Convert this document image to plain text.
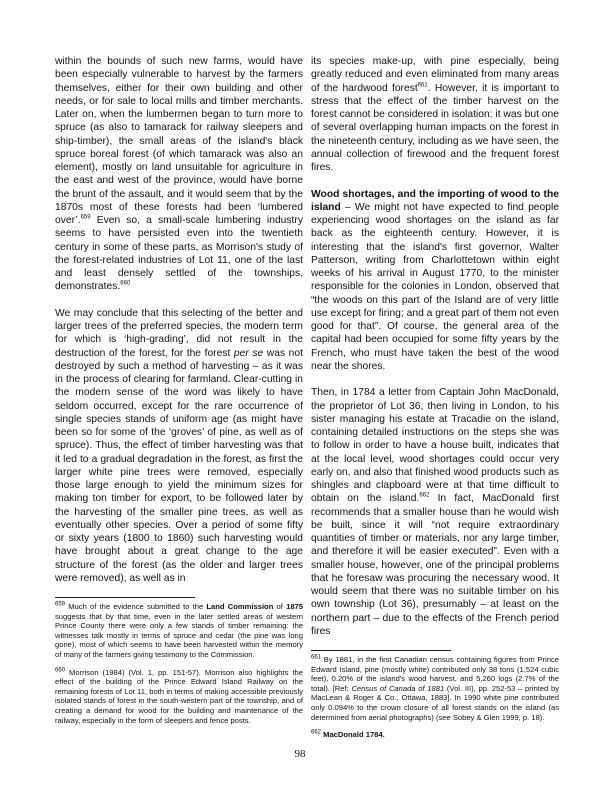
within the bounds of such new farms, would have been especially vulnerable to harvest by the farmers themselves, either for their own building and other needs, or for sale to local mills and timber merchants. Later on, when the lumbermen began to turn more to spruce (as also to tamarack for railway sleepers and ship-timber), the small areas of the island's black spruce boreal forest (of which tamarack was also an element), mostly on land unsuitable for agriculture in the east and west of the province, would have borne the brunt of the assault, and it would seem that by the 1870s most of these forests had been ‘lumbered over’.$^{659}$ Even so, a small-scale lumbering industry seems to have persisted even into the twentieth century in some of these parts, as Morrison's study of the forest-related industries of Lot 11, one of the last and least densely settled of the townships, demonstrates.$^{660}$

We may conclude that this selecting of the better and larger trees of the preferred species, the modern term for which is ‘high-grading’, did not result in the destruction of the forest, for the forest per se was not destroyed by such a method of harvesting – as it was in the process of clearing for farmland. Clear-cutting in the modern sense of the word was likely to have seldom occurred, except for the rare occurrence of single species stands of uniform age (as might have been so for some of the ‘groves’ of pine, as well as of spruce). Thus, the effect of timber harvesting was that it led to a gradual degradation in the forest, as first the larger white pine trees were removed, especially those large enough to yield the minimum sizes for making ton timber for export, to be followed later by the harvesting of the smaller pine trees, as well as eventually other species. Over a period of some fifty or sixty years (1800 to 1860) such harvesting would have brought about a great change to the age structure of the forest (as the older and larger trees were removed), as well as in

$^{659}$ Much of the evidence submitted to the Land Commission of 1875 suggests that by that time, even in the later settled areas of western Prince County there were only a few stands of timber remaining: the witnesses talk mostly in terms of spruce and cedar (the pine was long gone), most of which seems to have been harvested within the memory of many of the farmers giving testimony to the Commission.

$^{660}$ Morrison (1984) (Vol. 1, pp. 151-57). Morrison also highlights the effect of the building of the Prince Edward Island Railway on the remaining forests of Lot 11, both in terms of making accessible previously isolated stands of forest in the south-western part of the township, and of creating a demand for wood for the building and maintenance of the railway, especially in the form of sleepers and fence posts.

its species make-up, with pine especially, being greatly reduced and even eliminated from many areas of the hardwood forest$^{661}$. However, it is important to stress that the effect of the timber harvest on the forest cannot be considered in isolation: it was but one of several overlapping human impacts on the forest in the nineteenth century, including as we have seen, the annual collection of firewood and the frequent forest fires.

Wood shortages, and the importing of wood to the island – We might not have expected to find people experiencing wood shortages on the island as far back as the eighteenth century. However, it is interesting that the island's first governor, Walter Patterson, writing from Charlottetown within eight weeks of his arrival in August 1770, to the minister responsible for the colonies in London, observed that “the woods on this part of the Island are of very little use except for firing; and a great part of them not even good for that”. Of course, the general area of the capital had been occupied for some fifty years by the French, who must have taken the best of the wood near the shores.

Then, in 1784 a letter from Captain John MacDonald, the proprietor of Lot 36, then living in London, to his sister managing his estate at Tracadie on the island, containing detailed instructions on the steps she was to follow in order to have a house built, indicates that at the local level, wood shortages could occur very early on, and also that finished wood products such as shingles and clapboard were at that time difficult to obtain on the island.$^{662}$ In fact, MacDonald first recommends that a smaller house than he would wish be built, since it will “not require extraordinary quantities of timber or materials, nor any large timber, and therefore it will be easier executed”. Even with a smaller house, however, one of the principal problems that he foresaw was procuring the necessary wood. It would seem that there was no suitable timber on his own township (Lot 36), presumably – at least on the northern part – due to the effects of the French period fires

$^{661}$ By 1881, in the first Canadian census containing figures from Prince Edward Island, pine (mostly white) contributed only 38 tons (1,524 cubic feet), 0.20% of the island's wood harvest, and 5,260 logs (2.7% of the total). [Ref: Census of Canada of 1881 (Vol. III), pp. 252-53 – printed by MacLean & Roger & Co., Ottawa, 1883]. In 1990 white pine contributed only 0.094% to the crown closure of all forest stands on the island (as determined from aerial photographs) (see Sobey & Glen 1999, p. 18).

$^{662}$ MacDonald 1784.

98
